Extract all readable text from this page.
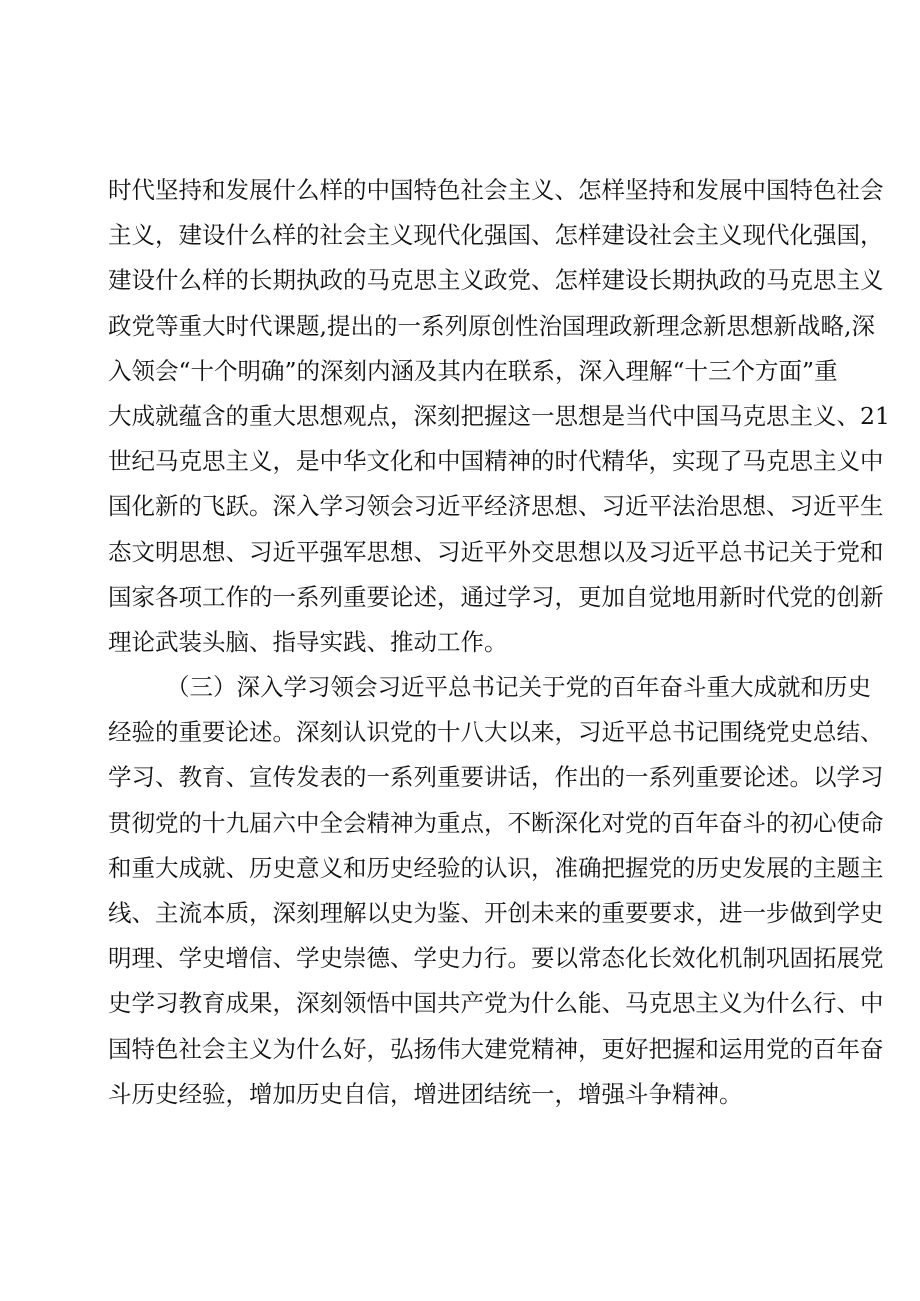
时 代 坚 持 和 发 展 什 么 样 的 中 国 特 色 社 会 主 义 、 怎 样 坚 持 和 发 展 中 国 特 色 社 会
主 义 ， 建 设 什 么 样 的 社 会 主 义 现 代 化 强 国 、 怎 样 建 设 社 会 主 义 现 代 化 强 国 ，
建 设 什 么 样 的 长 期 执 政 的 马 克 思 主 义 政 党 、 怎 样 建 设 长 期 执 政 的 马 克 思 主 义
政 党 等 重 大 时 代 课 题 , 提 出 的 一 系 列 原 创 性 治 国 理 政 新 理 念 新 思 想 新 战 略 , 深
入 领 会 “ 十 个 明 确 ” 的 深 刻 内 涵 及 其 内 在 联 系 ， 深 入 理 解 “ 十 三 个 方 面 ” 重
大 成 就 蕴 含 的 重 大 思 想 观 点 ， 深 刻 把 握 这 一 思 想 是 当 代 中 国 马 克 思 主 义 、 21
世 纪 马 克 思 主 义 ， 是 中 华 文 化 和 中 国 精 神 的 时 代 精 华 ， 实 现 了 马 克 思 主 义 中
国 化 新 的 飞 跃 。 深 入 学 习 领 会 习 近 平 经 济 思 想 、 习 近 平 法 治 思 想 、 习 近 平 生
态 文 明 思 想 、 习 近 平 强 军 思 想 、 习 近 平 外 交 思 想 以 及 习 近 平 总 书 记 关 于 党 和
国 家 各 项 工 作 的 一 系 列 重 要 论 述 ， 通 过 学 习 ， 更 加 自 觉 地 用 新 时 代 党 的 创 新
理论武装头脑、指导实践、推动工作。
（ 三 ） 深 入 学 习 领 会 习 近 平 总 书 记 关 于 党 的 百 年 奋 斗 重 大 成 就 和 历 史
经 验 的 重 要 论 述 。 深 刻 认 识 党 的 十 八 大 以 来 ， 习 近 平 总 书 记 围 绕 党 史 总 结 、
学 习 、 教 育 、 宣 传 发 表 的 一 系 列 重 要 讲 话 ， 作 出 的 一 系 列 重 要 论 述 。 以 学 习
贯 彻 党 的 十 九 届 六 中 全 会 精 神 为 重 点 ， 不 断 深 化 对 党 的 百 年 奋 斗 的 初 心 使 命
和 重 大 成 就 、 历 史 意 义 和 历 史 经 验 的 认 识 ， 准 确 把 握 党 的 历 史 发 展 的 主 题 主
线 、 主 流 本 质 ， 深 刻 理 解 以 史 为 鉴 、 开 创 未 来 的 重 要 要 求 ， 进 一 步 做 到 学 史
明 理 、 学 史 增 信 、 学 史 崇 德 、 学 史 力 行 。 要 以 常 态 化 长 效 化 机 制 巩 固 拓 展 党
史 学 习 教 育 成 果 ， 深 刻 领 悟 中 国 共 产 党 为 什 么 能 、 马 克 思 主 义 为 什 么 行 、 中
国 特 色 社 会 主 义 为 什 么 好 ， 弘 扬 伟 大 建 党 精 神 ， 更 好 把 握 和 运 用 党 的 百 年 奋
斗历史经验，增加历史自信，增进团结统一，增强斗争精神。
